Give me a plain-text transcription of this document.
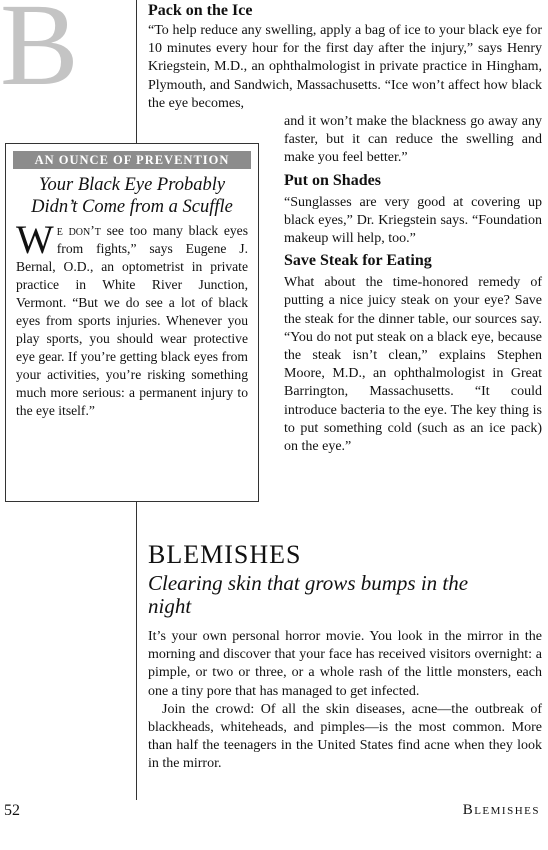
B	Pack on the Ice

“To help reduce any swelling, apply a bag of ice to your black eye for 10 minutes every hour for the first day after the injury,” says Henry Kriegstein, M.D., an ophthalmologist in private practice in Hingham, Plymouth, and Sandwich, Massachusetts. “Ice won’t affect how black the eye becomes,

and it won’t make the blackness go away any faster, but it can reduce the swelling and make you feel better.”

Put on Shades

“Sunglasses are very good at covering up black eyes,” Dr. Kriegstein says. “Foundation makeup will help, too.”

Save Steak for Eating

What about the time-honored remedy of putting a nice juicy steak on your eye? Save the steak for the dinner table, our sources say. “You do not put steak on a black eye, because the steak isn’t clean,” explains Stephen Moore, M.D., an ophthalmologist in Great Barrington, Massachusetts. “It could introduce bacteria to the eye. The key thing is to put something cold (such as an ice pack) on the eye.”

AN OUNCE OF PREVENTION
Your Black Eye Probably Didn’t Come from a Scuffle
We don’t see too many black eyes from fights,” says Eugene J. Bernal, O.D., an optometrist in private practice in White River Junction, Vermont. “But we do see a lot of black eyes from sports injuries. Whenever you play sports, you should wear protective eye gear. If you’re getting black eyes from your activities, you’re risking something much more serious: a permanent injury to the eye itself.”
BLEMISHES
Clearing skin that grows bumps in the night

It’s your own personal horror movie. You look in the mirror in the morning and discover that your face has received visitors overnight: a pimple, or two or three, or a whole rash of the little monsters, each one a tiny pore that has managed to get infected.

Join the crowd: Of all the skin diseases, acne—the outbreak of blackheads, whiteheads, and pimples—is the most common. More than half the teenagers in the United States find acne when they look in the mirror.

52	Blemishes
